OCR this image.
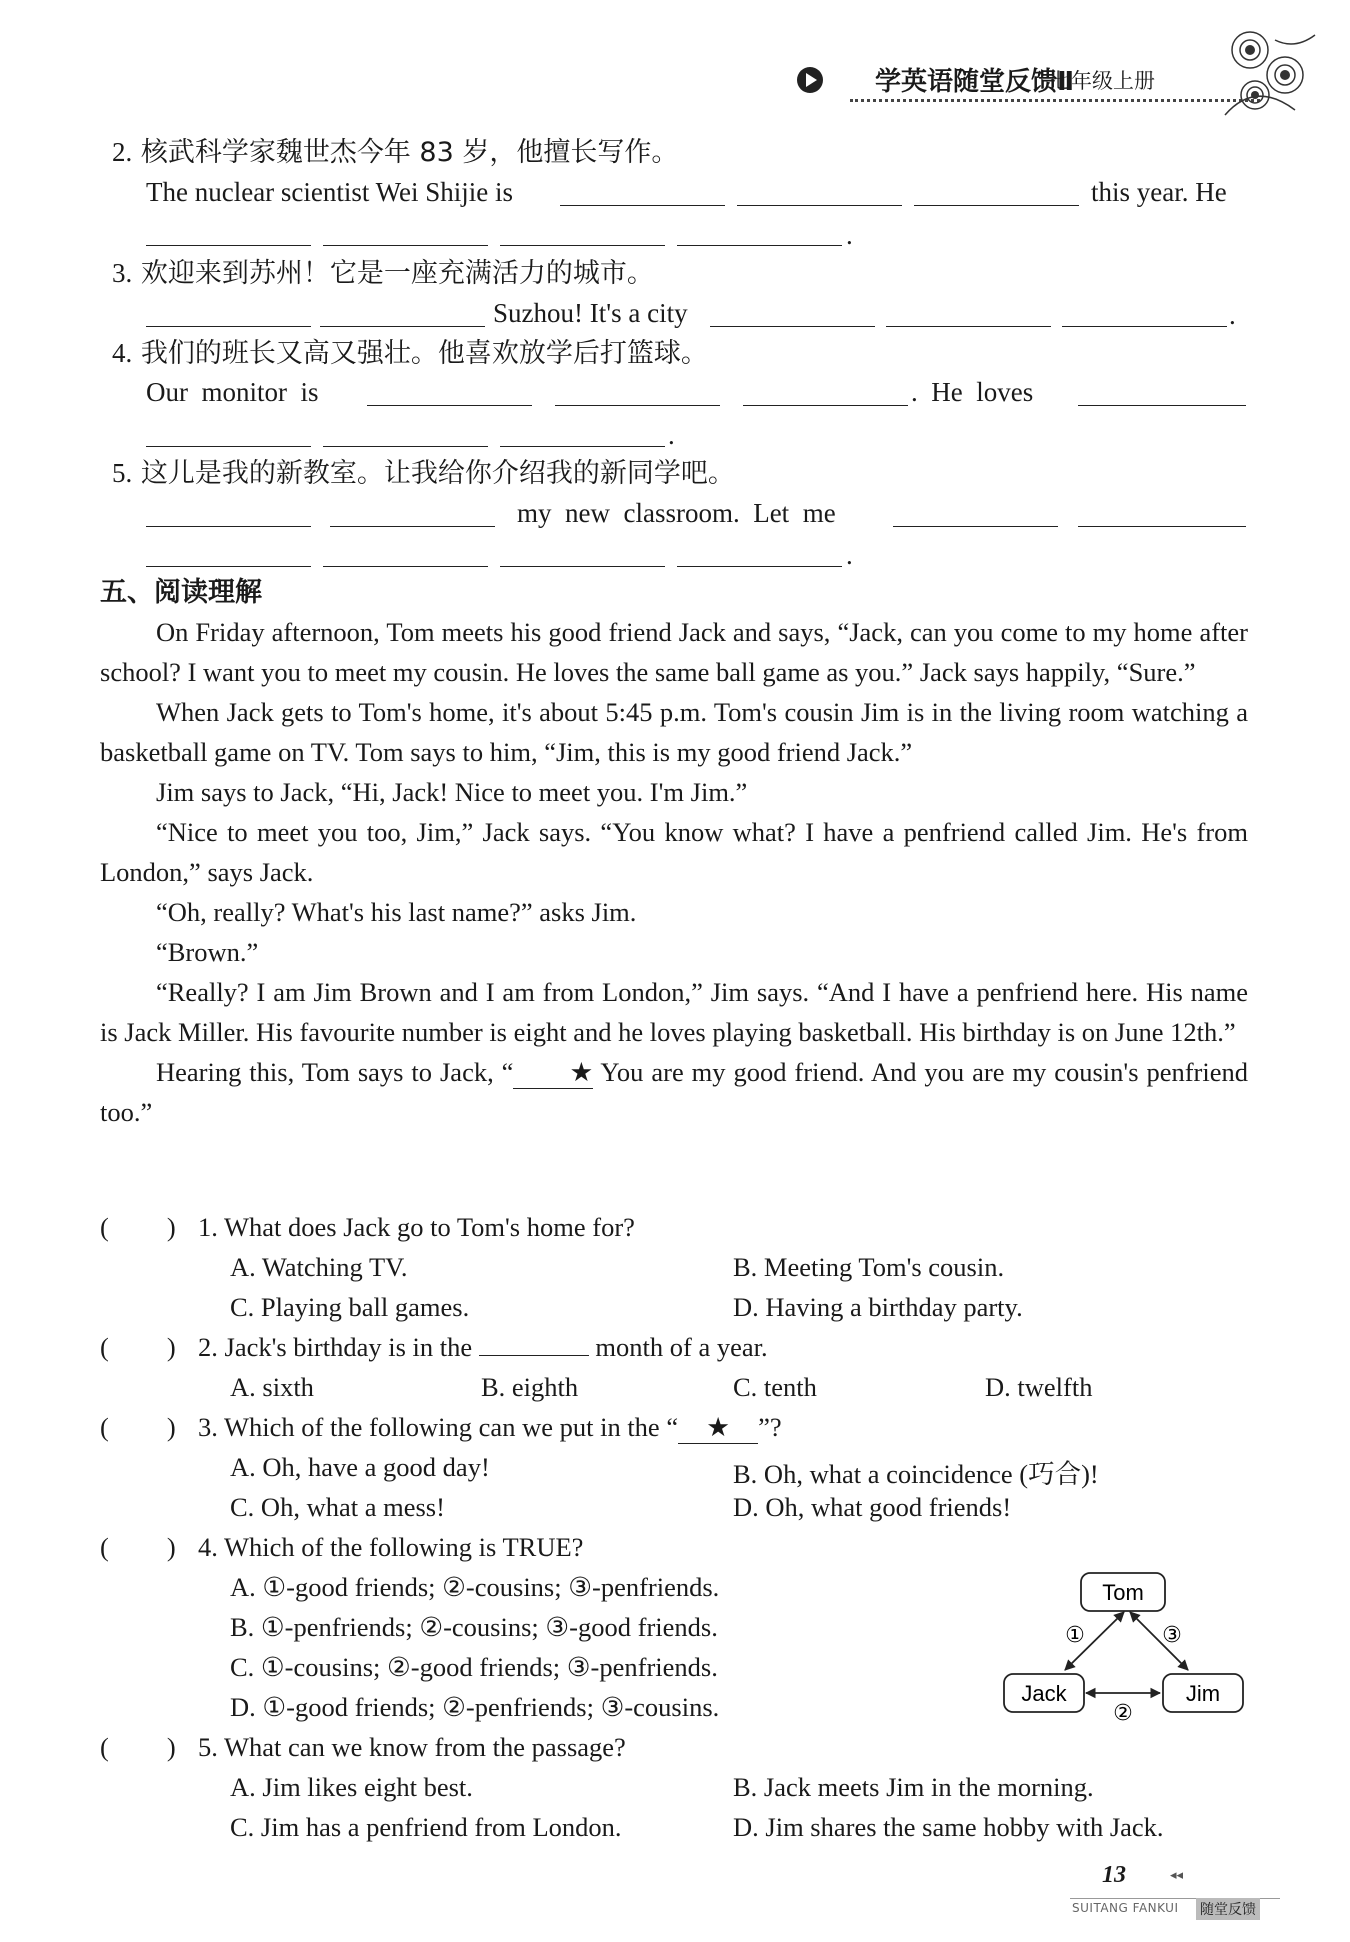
学英语随堂反馈Ⅱ
七年级上册
2. 核武科学家魏世杰今年 83 岁，他擅长写作。
The nuclear scientist Wei Shijie is	this year. He
.
3. 欢迎来到苏州！它是一座充满活力的城市。
Suzhou! It's a city	.
4. 我们的班长又高又强壮。他喜欢放学后打篮球。
Our  monitor  is	.  He  loves
.
5. 这儿是我的新教室。让我给你介绍我的新同学吧。
my  new  classroom.  Let  me
.
五、阅读理解

On Friday afternoon, Tom meets his good friend Jack and says, “Jack, can you come to my home after school? I want you to meet my cousin. He loves the same ball game as you.” Jack says happily, “Sure.”

When Jack gets to Tom's home, it's about 5:45 p.m. Tom's cousin Jim is in the living room watching a basketball game on TV. Tom says to him, “Jim, this is my good friend Jack.”

Jim says to Jack, “Hi, Jack! Nice to meet you. I'm Jim.”

“Nice to meet you too, Jim,” Jack says. “You know what? I have a penfriend called Jim. He's from London,” says Jack.

“Oh, really? What's his last name?” asks Jim.

“Brown.”

“Really? I am Jim Brown and I am from London,” Jim says. “And I have a penfriend here. His name is Jack Miller. His favourite number is eight and he loves playing basketball. His birthday is on June 12th.”

Hearing this, Tom says to Jack, “ ★ You are my good friend. And you are my cousin's penfriend too.”

( ) 1. What does Jack go to Tom's home for?
A. Watching TV.	B. Meeting Tom's cousin.
C. Playing ball games.	D. Having a birthday party.
( ) 2. Jack's birthday is in the	month of a year.
A. sixth	B. eighth	C. tenth	D. twelfth
( ) 3. Which of the following can we put in the “ ★ ”?
A. Oh, have a good day!	B. Oh, what a coincidence (巧合)!
C. Oh, what a mess!	D. Oh, what good friends!
( ) 4. Which of the following is TRUE?
A. ①-good friends; ②-cousins; ③-penfriends.
B. ①-penfriends; ②-cousins; ③-good friends.
C. ①-cousins; ②-good friends; ③-penfriends.
D. ①-good friends; ②-penfriends; ③-cousins.
Tom
Jack	Jim
①	③
②
( ) 5. What can we know from the passage?
A. Jim likes eight best.	B. Jack meets Jim in the morning.
C. Jim has a penfriend from London.	D. Jim shares the same hobby with Jack.
13	◂◂
SUITANG FANKUI 随堂反馈
